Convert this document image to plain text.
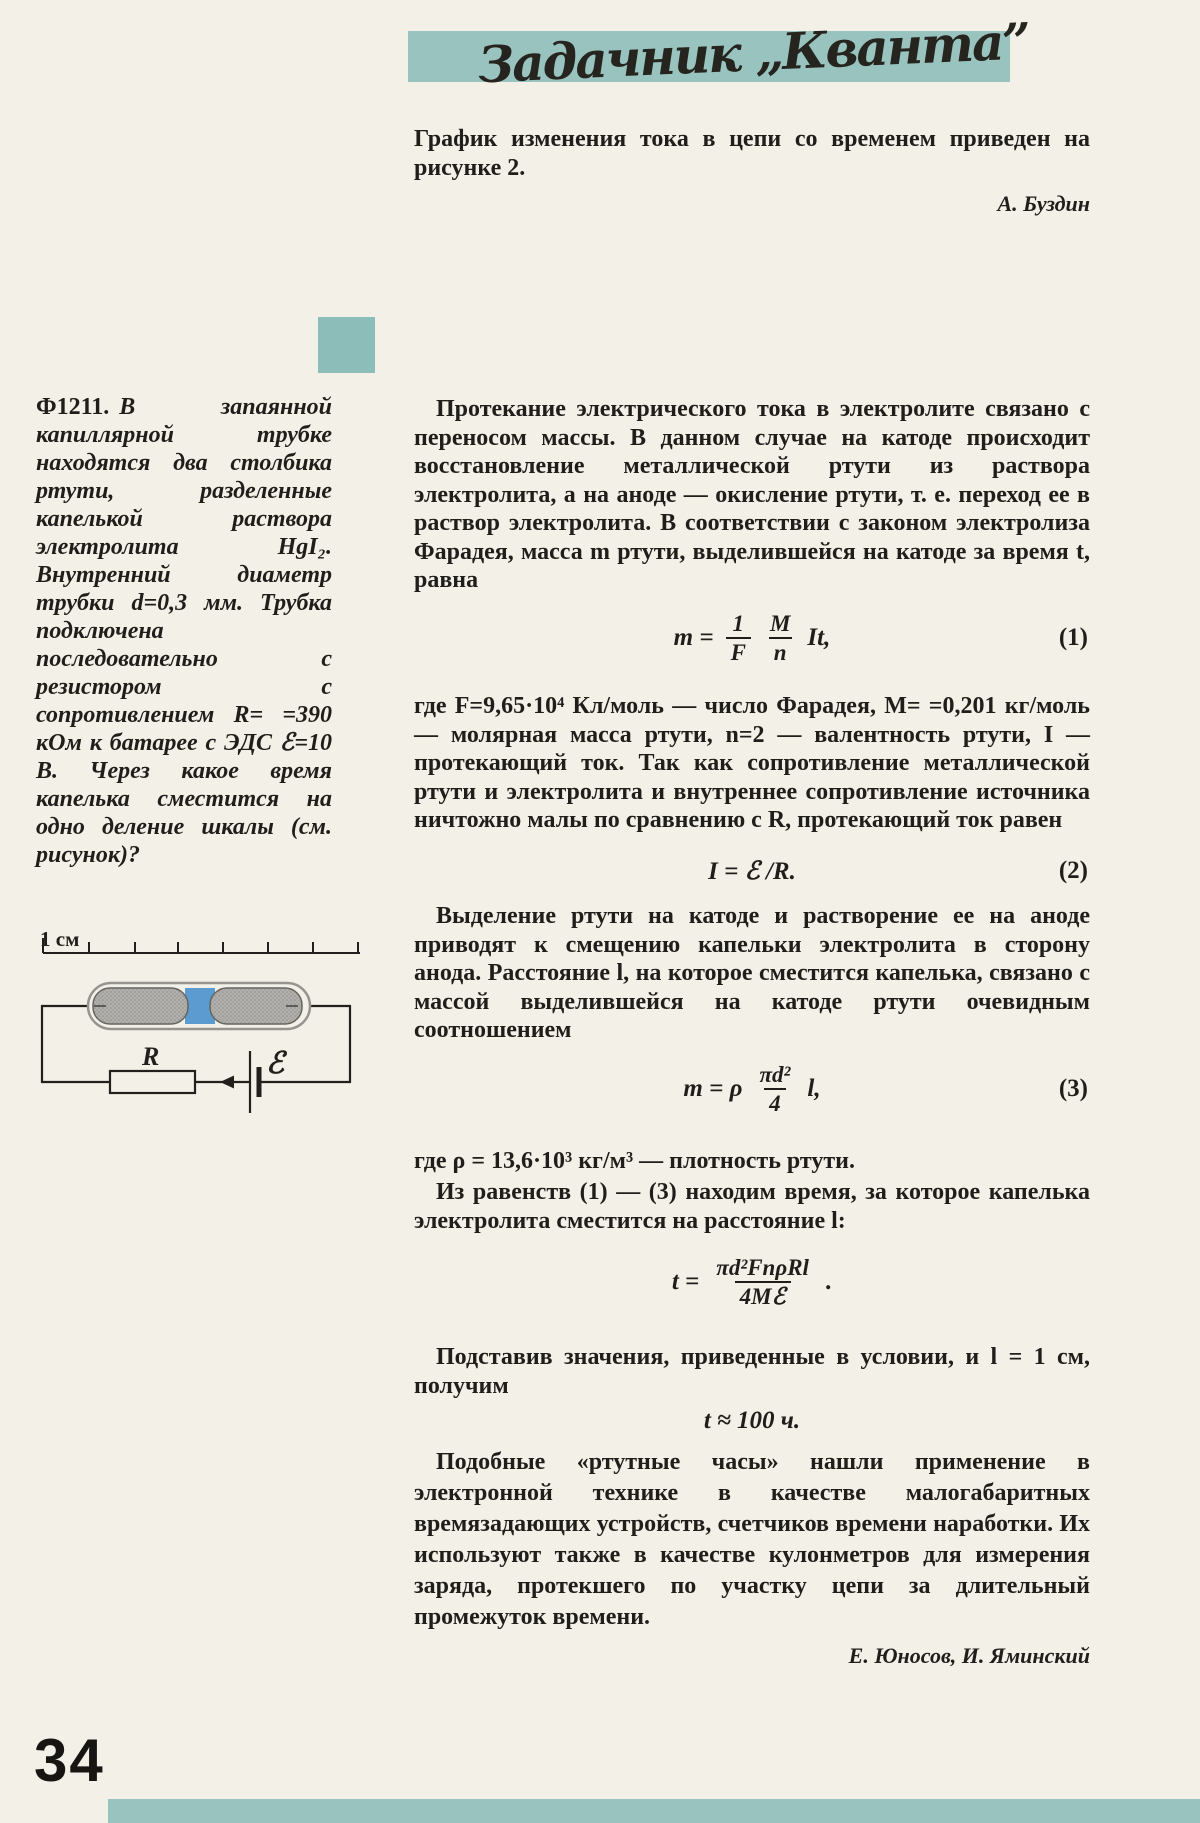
Задачник „Кванта”
График изменения тока в цепи со временем приведен на рисунке 2.
А. Буздин
Ф1211. В запаянной капиллярной трубке находятся два столбика ртути, разделенные капелькой раствора электролита HgI₂. Внутренний диаметр трубки d=0,3 мм. Трубка подключена последовательно с резистором с сопротивлением R= =390 кОм к батарее с ЭДС ℰ=10 В. Через какое время капелька сместится на одно деление шкалы (см. рисунок)?
1 см
R	ℰ
Протекание электрического тока в электролите связано с переносом массы. В данном случае на катоде происходит восстановление металлической ртути из раствора электролита, а на аноде — окисление ртути, т. е. переход ее в раствор электролита. В соответствии с законом электролиза Фарадея, масса m ртути, выделившейся на катоде за время t, равна
$m = \frac{1}{F} \frac{M}{n} It$,	(1)
где F=9,65·10⁴ Кл/моль — число Фарадея, М= =0,201 кг/моль — молярная масса ртути, n=2 — валентность ртути, I — протекающий ток. Так как сопротивление металлической ртути и электролита и внутреннее сопротивление источника ничтожно малы по сравнению с R, протекающий ток равен
I = ℰ /R.	(2)
Выделение ртути на катоде и растворение ее на аноде приводят к смещению капельки электролита в сторону анода. Расстояние l, на которое сместится капелька, связано с массой выделившейся на катоде ртути очевидным соотношением
m = ρ $\frac{\text{πd²}}{4} l$,	(3)
где ρ = 13,6·10³ кг/м³ — плотность ртути.
Из равенств (1) — (3) находим время, за которое капелька электролита сместится на расстояние l:
$t = \frac{\text{πd²FnρRl}}{\text{4Mℰ}}$ .
Подставив значения, приведенные в условии, и l = 1 см, получим
t ≈ 100 ч.
Подобные «ртутные часы» нашли применение в электронной технике в качестве малогабаритных времязадающих устройств, счетчиков времени наработки. Их используют также в качестве кулонметров для измерения заряда, протекшего по участку цепи за длительный промежуток времени.
Е. Юносов, И. Яминский
34
